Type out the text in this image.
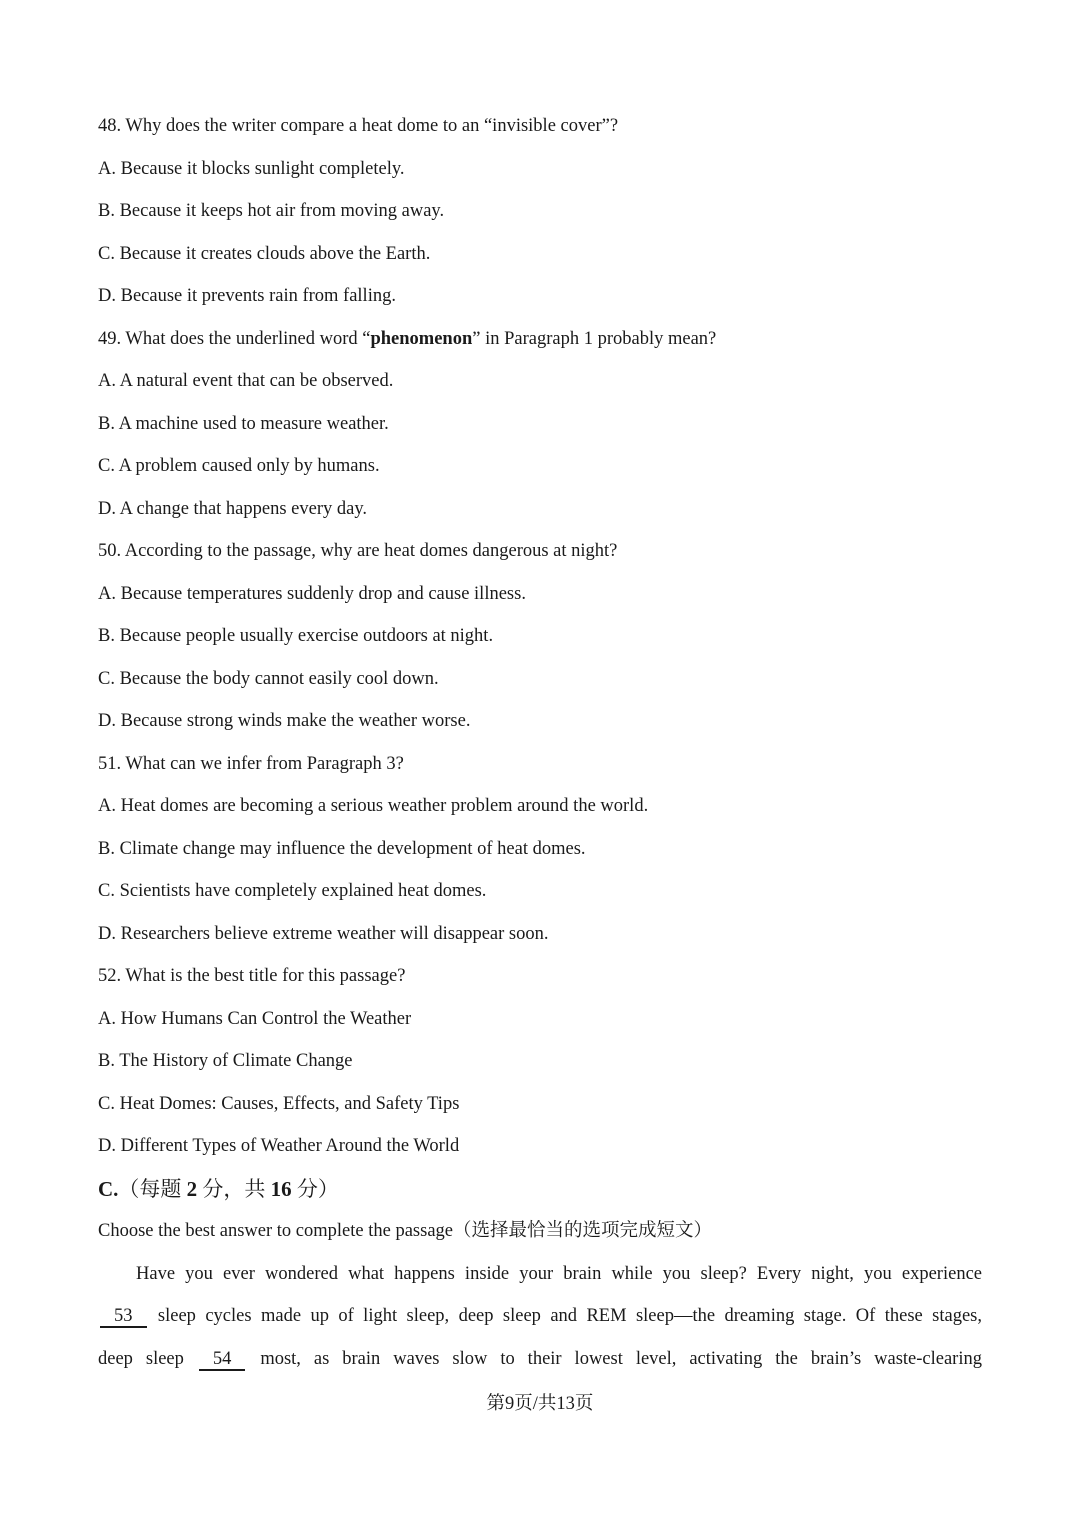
48. Why does the writer compare a heat dome to an “invisible cover”?
A. Because it blocks sunlight completely.
B. Because it keeps hot air from moving away.
C. Because it creates clouds above the Earth.
D. Because it prevents rain from falling.
49. What does the underlined word “phenomenon” in Paragraph 1 probably mean?
A. A natural event that can be observed.
B. A machine used to measure weather.
C. A problem caused only by humans.
D. A change that happens every day.
50. According to the passage, why are heat domes dangerous at night?
A. Because temperatures suddenly drop and cause illness.
B. Because people usually exercise outdoors at night.
C. Because the body cannot easily cool down.
D. Because strong winds make the weather worse.
51. What can we infer from Paragraph 3?
A. Heat domes are becoming a serious weather problem around the world.
B. Climate change may influence the development of heat domes.
C. Scientists have completely explained heat domes.
D. Researchers believe extreme weather will disappear soon.
52. What is the best title for this passage?
A. How Humans Can Control the Weather
B. The History of Climate Change
C. Heat Domes: Causes, Effects, and Safety Tips
D. Different Types of Weather Around the World
C.（每题 2 分，共 16 分）
Choose the best answer to complete the passage（选择最恰当的选项完成短文）
Have you ever wondered what happens inside your brain while you sleep? Every night, you experience
53 sleep cycles made up of light sleep, deep sleep and REM sleep—the dreaming stage. Of these stages,
deep sleep 54 most, as brain waves slow to their lowest level, activating the brain’s waste-clearing
第9页/共13页
